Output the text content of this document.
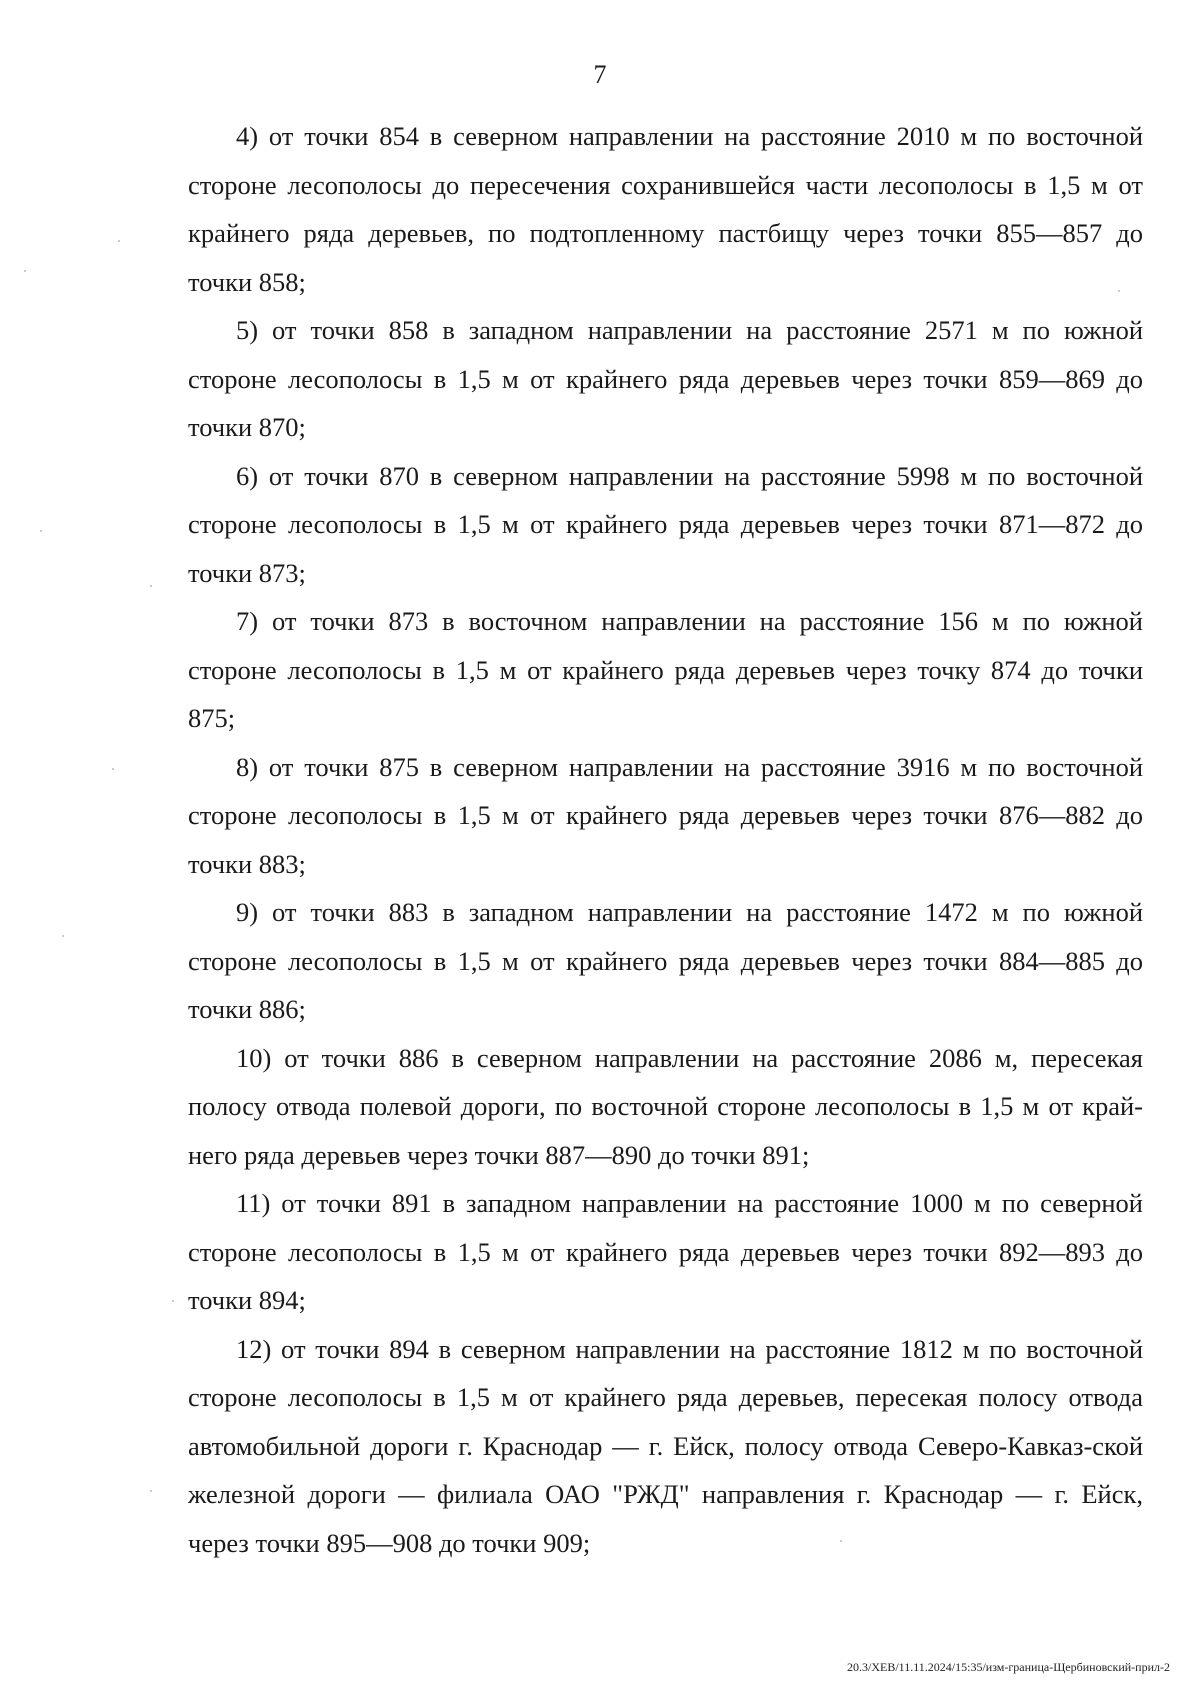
7

4) от точки 854 в северном направлении на расстояние 2010 м по восточной стороне лесополосы до пересечения сохранившейся части лесополосы в 1,5 м от крайнего ряда деревьев, по подтопленному пастбищу через точки 855—857 до точки 858;

5) от точки 858 в западном направлении на расстояние 2571 м по южной стороне лесополосы в 1,5 м от крайнего ряда деревьев через точки 859—869 до точки 870;

6) от точки 870 в северном направлении на расстояние 5998 м по восточной стороне лесополосы в 1,5 м от крайнего ряда деревьев через точки 871—872 до точки 873;

7) от точки 873 в восточном направлении на расстояние 156 м по южной стороне лесополосы в 1,5 м от крайнего ряда деревьев через точку 874 до точки 875;

8) от точки 875 в северном направлении на расстояние 3916 м по восточной стороне лесополосы в 1,5 м от крайнего ряда деревьев через точки 876—882 до точки 883;

9) от точки 883 в западном направлении на расстояние 1472 м по южной стороне лесополосы в 1,5 м от крайнего ряда деревьев через точки 884—885 до точки 886;

10) от точки 886 в северном направлении на расстояние 2086 м, пересекая полосу отвода полевой дороги, по восточной стороне лесополосы в 1,5 м от край-него ряда деревьев через точки 887—890 до точки 891;

11) от точки 891 в западном направлении на расстояние 1000 м по северной стороне лесополосы в 1,5 м от крайнего ряда деревьев через точки 892—893 до точки 894;

12) от точки 894 в северном направлении на расстояние 1812 м по восточной стороне лесополосы в 1,5 м от крайнего ряда деревьев, пересекая полосу отвода автомобильной дороги г. Краснодар — г. Ейск, полосу отвода Северо-Кавказ-ской железной дороги — филиала ОАО "РЖД" направления г. Краснодар — г. Ейск, через точки 895—908 до точки 909;

20.3/ХЕВ/11.11.2024/15:35/изм-граница-Щербиновский-прил-2
